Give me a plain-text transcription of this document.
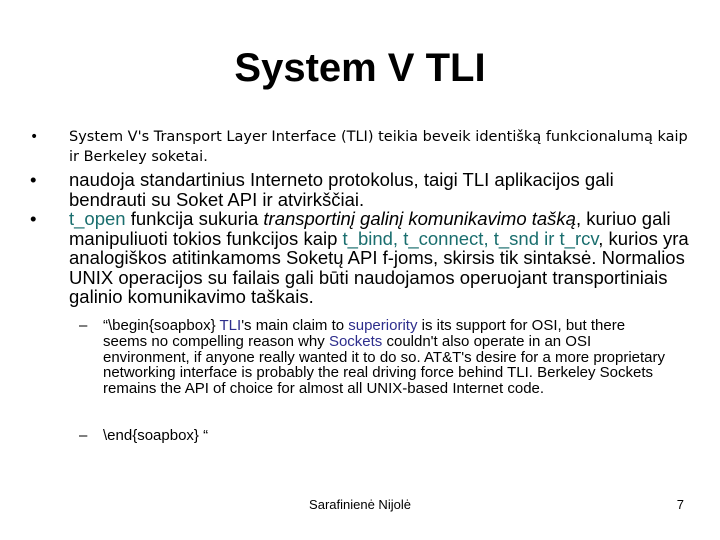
System V TLI
•	System V's Transport Layer Interface (TLI) teikia beveik identišką funkcionalumą kaip ir Berkeley soketai.
•	naudoja standartinius Interneto protokolus, taigi TLI aplikacijos gali bendrauti su Soket API ir atvirkščiai.
•	t_open funkcija sukuria transportinį galinį komunikavimo tašką, kuriuo gali manipuliuoti tokios funkcijos kaip t_bind, t_connect, t_snd ir t_rcv, kurios yra analogiškos atitinkamoms Soketų API f-joms, skirsis tik sintaksė. Normalios UNIX operacijos su failais gali būti naudojamos operuojant transportiniais galinio komunikavimo taškais.
– “\begin{soapbox} TLI's main claim to superiority is its support for OSI, but there seems no compelling reason why Sockets couldn't also operate in an OSI environment, if anyone really wanted it to do so. AT&T's desire for a more proprietary networking interface is probably the real driving force behind TLI. Berkeley Sockets remains the API of choice for almost all UNIX-based Internet code.
– \end{soapbox} “
Sarafinienė Nijolė	7
